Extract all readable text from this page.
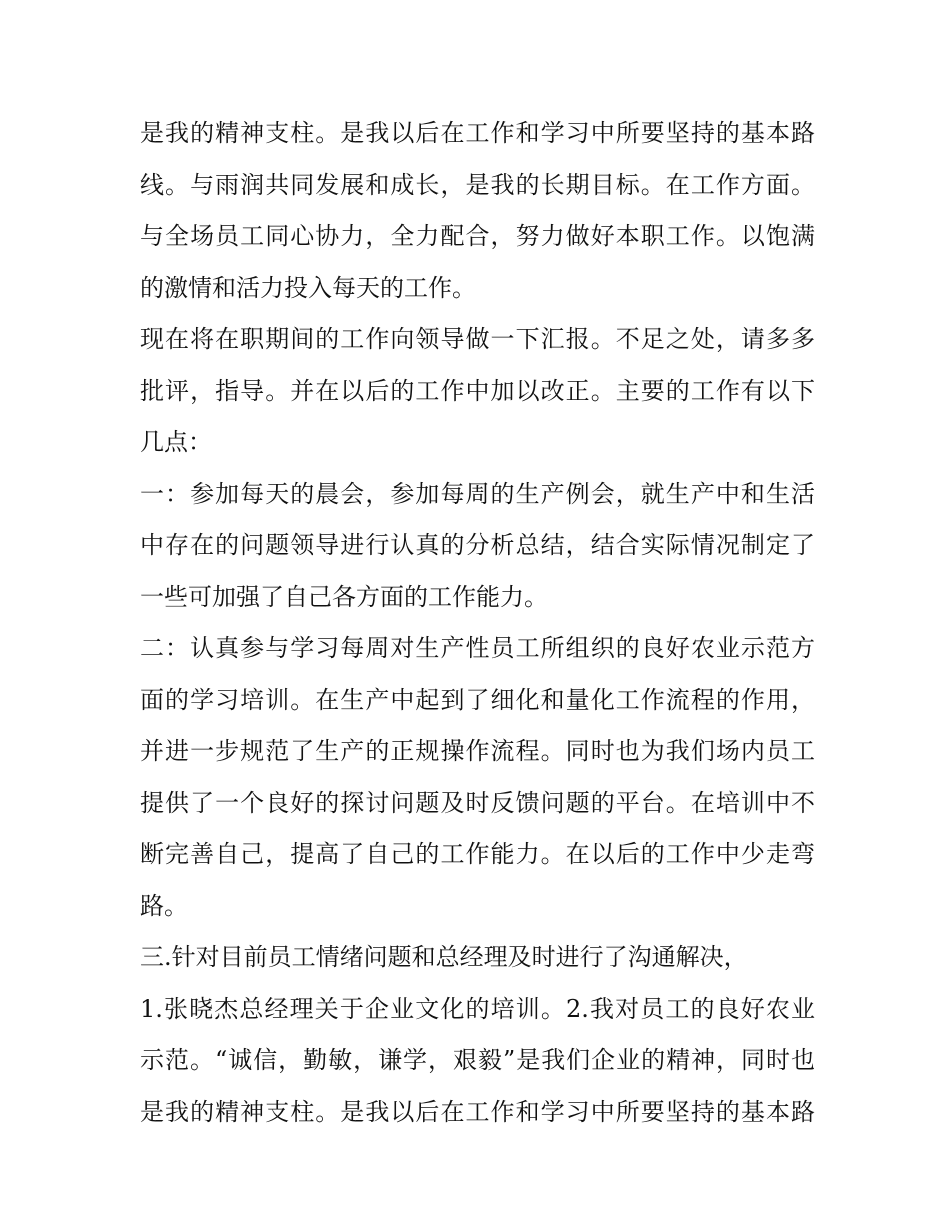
是我的精神支柱。是我以后在工作和学习中所要坚持的基本路
线。与雨润共同发展和成长，是我的长期目标。在工作方面。
与全场员工同心协力，全力配合，努力做好本职工作。以饱满
的激情和活力投入每天的工作。
现在将在职期间的工作向领导做一下汇报。不足之处，请多多
批评，指导。并在以后的工作中加以改正。主要的工作有以下
几点：
一：参加每天的晨会，参加每周的生产例会，就生产中和生活
中存在的问题领导进行认真的分析总结，结合实际情况制定了
一些可加强了自己各方面的工作能力。
二：认真参与学习每周对生产性员工所组织的良好农业示范方
面的学习培训。在生产中起到了细化和量化工作流程的作用，
并进一步规范了生产的正规操作流程。同时也为我们场内员工
提供了一个良好的探讨问题及时反馈问题的平台。在培训中不
断完善自己，提高了自己的工作能力。在以后的工作中少走弯
路。
三.针对目前员工情绪问题和总经理及时进行了沟通解决，
1.张晓杰总经理关于企业文化的培训。2.我对员工的良好农业
示范。“诚信，勤敏，谦学，艰毅”是我们企业的精神，同时也
是我的精神支柱。是我以后在工作和学习中所要坚持的基本路
